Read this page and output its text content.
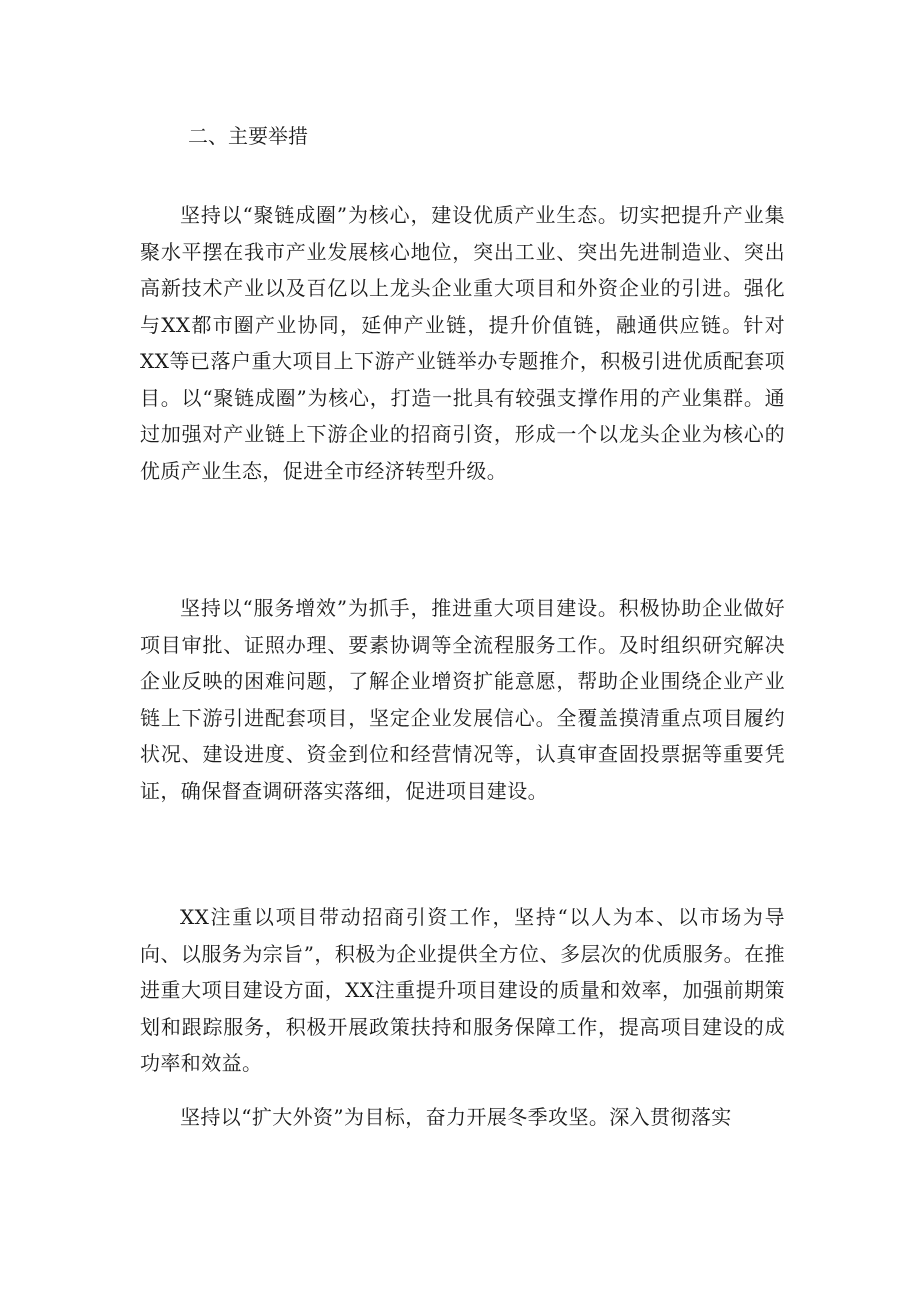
二、主要举措

坚持以“聚链成圈”为核心，建设优质产业生态。切实把提升产业集聚水平摆在我市产业发展核心地位，突出工业、突出先进制造业、突出高新技术产业以及百亿以上龙头企业重大项目和外资企业的引进。强化与XX都市圈产业协同，延伸产业链，提升价值链，融通供应链。针对XX等已落户重大项目上下游产业链举办专题推介，积极引进优质配套项目。以“聚链成圈”为核心，打造一批具有较强支撑作用的产业集群。通过加强对产业链上下游企业的招商引资，形成一个以龙头企业为核心的优质产业生态，促进全市经济转型升级。

坚持以“服务增效”为抓手，推进重大项目建设。积极协助企业做好项目审批、证照办理、要素协调等全流程服务工作。及时组织研究解决企业反映的困难问题，了解企业增资扩能意愿，帮助企业围绕企业产业链上下游引进配套项目，坚定企业发展信心。全覆盖摸清重点项目履约状况、建设进度、资金到位和经营情况等，认真审查固投票据等重要凭证，确保督查调研落实落细，促进项目建设。

XX注重以项目带动招商引资工作，坚持“以人为本、以市场为导向、以服务为宗旨”，积极为企业提供全方位、多层次的优质服务。在推进重大项目建设方面，XX注重提升项目建设的质量和效率，加强前期策划和跟踪服务，积极开展政策扶持和服务保障工作，提高项目建设的成功率和效益。

坚持以“扩大外资”为目标，奋力开展冬季攻坚。深入贯彻落实
